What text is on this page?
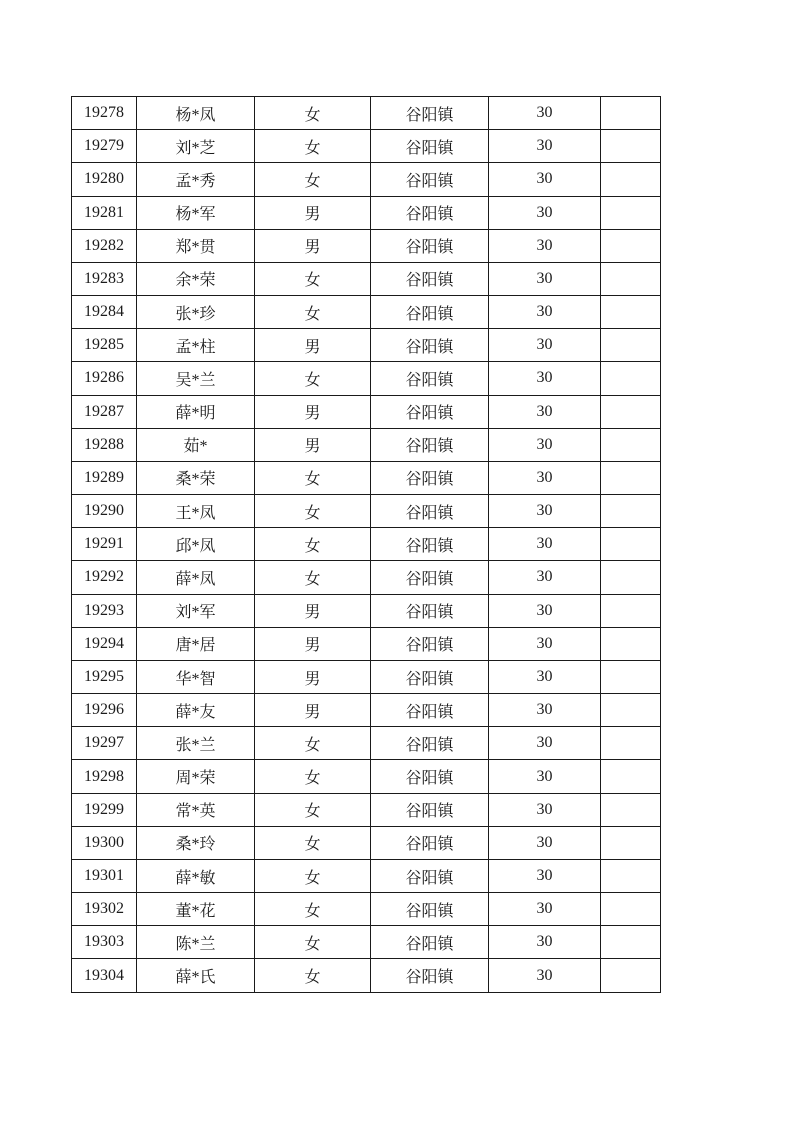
19278	杨*凤	女	谷阳镇	30	
19279	刘*芝	女	谷阳镇	30	
19280	孟*秀	女	谷阳镇	30	
19281	杨*军	男	谷阳镇	30	
19282	郑*贯	男	谷阳镇	30	
19283	余*荣	女	谷阳镇	30	
19284	张*珍	女	谷阳镇	30	
19285	孟*柱	男	谷阳镇	30	
19286	吴*兰	女	谷阳镇	30	
19287	薛*明	男	谷阳镇	30	
19288	茹*	男	谷阳镇	30	
19289	桑*荣	女	谷阳镇	30	
19290	王*凤	女	谷阳镇	30	
19291	邱*凤	女	谷阳镇	30	
19292	薛*凤	女	谷阳镇	30	
19293	刘*军	男	谷阳镇	30	
19294	唐*居	男	谷阳镇	30	
19295	华*智	男	谷阳镇	30	
19296	薛*友	男	谷阳镇	30	
19297	张*兰	女	谷阳镇	30	
19298	周*荣	女	谷阳镇	30	
19299	常*英	女	谷阳镇	30	
19300	桑*玲	女	谷阳镇	30	
19301	薛*敏	女	谷阳镇	30	
19302	董*花	女	谷阳镇	30	
19303	陈*兰	女	谷阳镇	30	
19304	薛*氏	女	谷阳镇	30	
